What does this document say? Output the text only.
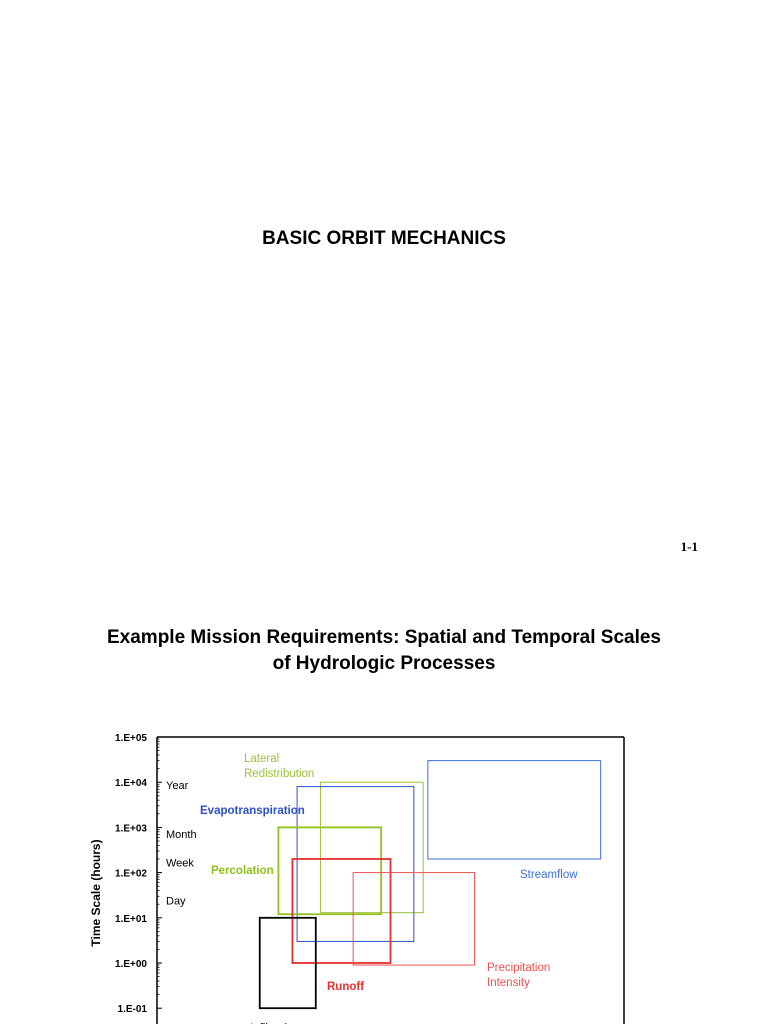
BASIC ORBIT MECHANICS
1-1
Example Mission Requirements: Spatial and Temporal Scales
of Hydrologic Processes
Time Scale (hours)
1.E-01
1.E+00
1.E+01
1.E+02
1.E+03
1.E+04
1.E+05
Year
Month
Week
Day
Lateral Redistribution
Evapotranspiration
Streamflow
Percolation
Runoff
Precipitation Intensity
